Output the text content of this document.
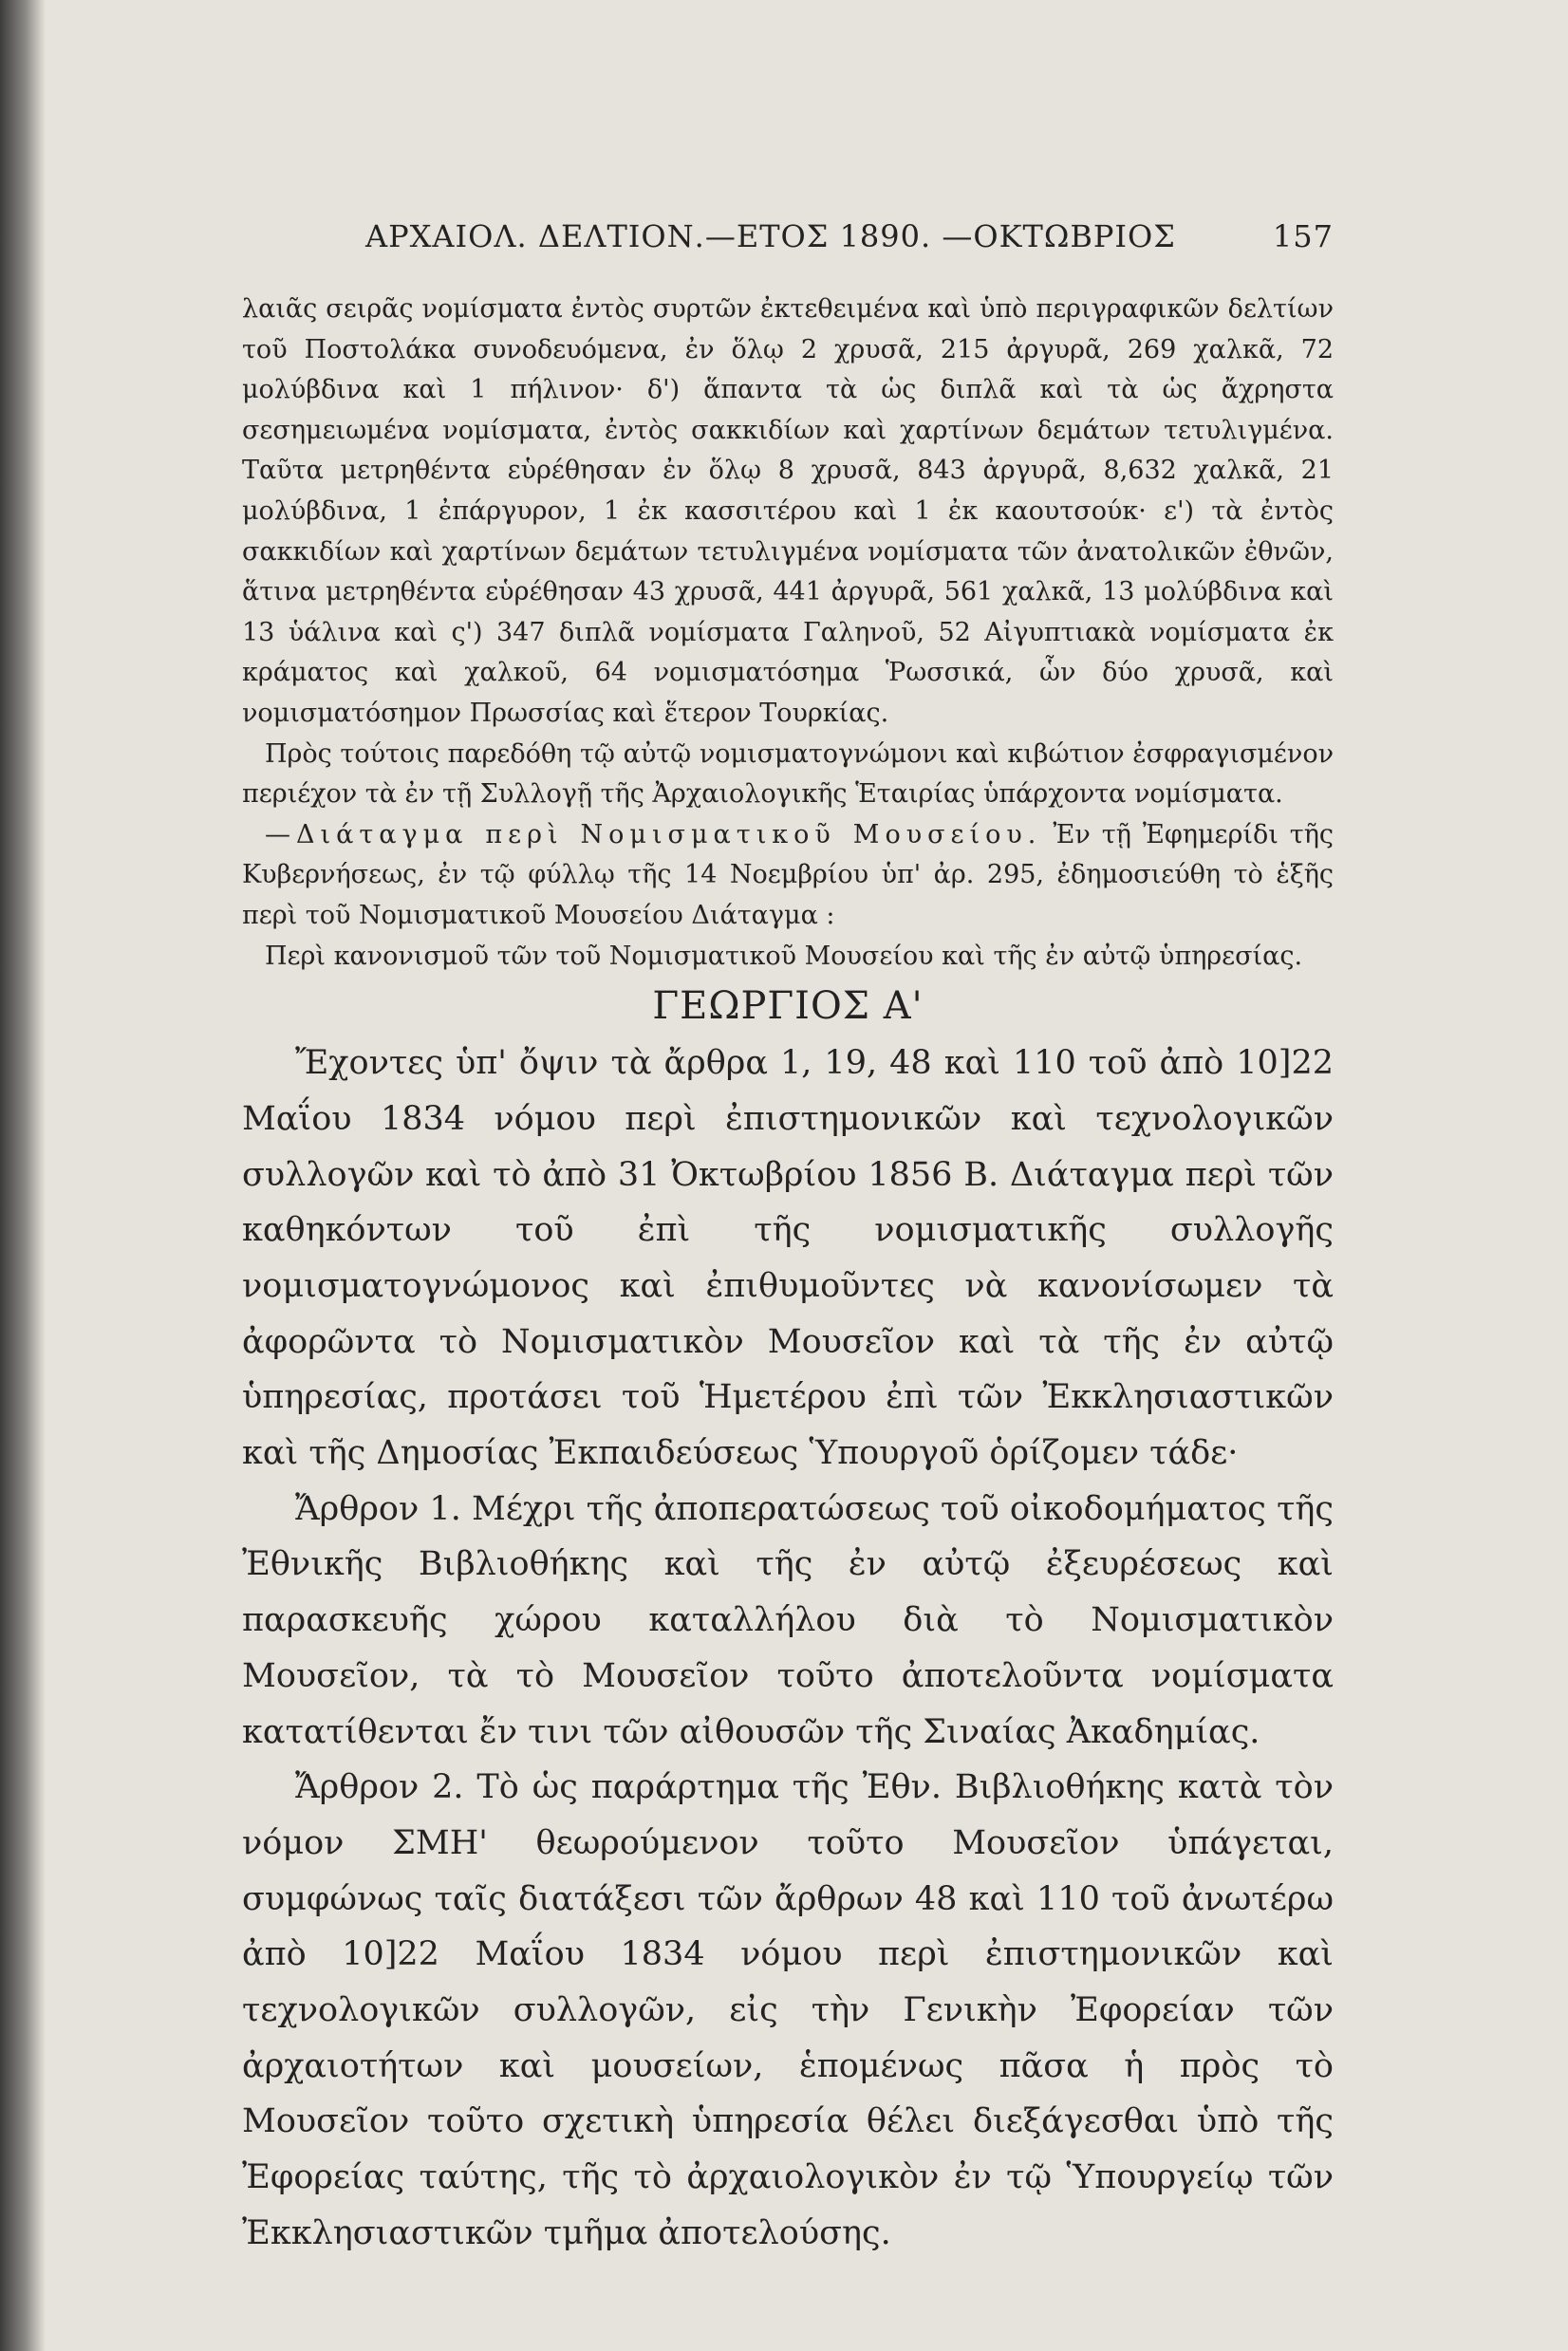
ΑΡΧΑΙΟΛ. ΔΕΛΤΙΟΝ.—ΕΤΟΣ 1890. —ΟΚΤΩΒΡΙΟΣ	157

λαιᾶς σειρᾶς νομίσματα ἐντὸς συρτῶν ἐκτεθειμένα καὶ ὑπὸ περιγραφικῶν δελτίων τοῦ Ποστολάκα συνοδευόμενα, ἐν ὅλῳ 2 χρυσᾶ, 215 ἀργυρᾶ, 269 χαλκᾶ, 72 μολύβδινα καὶ 1 πήλινον· δ') ἅπαντα τὰ ὡς διπλᾶ καὶ τὰ ὡς ἄχρηστα σεσημειωμένα νομίσματα, ἐντὸς σακκιδίων καὶ χαρτίνων δεμάτων τετυλιγμένα. Ταῦτα μετρηθέντα εὑρέθησαν ἐν ὅλῳ 8 χρυσᾶ, 843 ἀργυρᾶ, 8,632 χαλκᾶ, 21 μολύβδινα, 1 ἐπάργυρον, 1 ἐκ κασσιτέρου καὶ 1 ἐκ καουτσούκ· ε') τὰ ἐντὸς σακκιδίων καὶ χαρτίνων δεμάτων τετυλιγμένα νομίσματα τῶν ἀνατολικῶν ἐθνῶν, ἅτινα μετρηθέντα εὑρέθησαν 43 χρυσᾶ, 441 ἀργυρᾶ, 561 χαλκᾶ, 13 μολύβδινα καὶ 13 ὑάλινα καὶ ς') 347 διπλᾶ νομίσματα Γαληνοῦ, 52 Αἰγυπτιακὰ νομίσματα ἐκ κράματος καὶ χαλκοῦ, 64 νομισματόσημα Ῥωσσικά, ὧν δύο χρυσᾶ, καὶ νομισματόσημον Πρωσσίας καὶ ἕτερον Τουρκίας.

Πρὸς τούτοις παρεδόθη τῷ αὐτῷ νομισματογνώμονι καὶ κιβώτιον ἐσφραγισμένον περιέχον τὰ ἐν τῇ Συλλογῇ τῆς Ἀρχαιολογικῆς Ἑταιρίας ὑπάρχοντα νομίσματα.

—Διάταγμα περὶ Νομισματικοῦ Μουσείου. Ἐν τῇ Ἐφημερίδι τῆς Κυβερνήσεως, ἐν τῷ φύλλῳ τῆς 14 Νοεμβρίου ὑπ' ἀρ. 295, ἐδημοσιεύθη τὸ ἑξῆς περὶ τοῦ Νομισματικοῦ Μουσείου Διάταγμα :

Περὶ κανονισμοῦ τῶν τοῦ Νομισματικοῦ Μουσείου καὶ τῆς ἐν αὐτῷ ὑπηρεσίας.

ΓΕΩΡΓΙΟΣ Α'

Ἔχοντες ὑπ' ὄψιν τὰ ἄρθρα 1, 19, 48 καὶ 110 τοῦ ἀπὸ 10]22 Μαΐου 1834 νόμου περὶ ἐπιστημονικῶν καὶ τεχνολογικῶν συλλογῶν καὶ τὸ ἀπὸ 31 Ὀκτωβρίου 1856 Β. Διάταγμα περὶ τῶν καθηκόντων τοῦ ἐπὶ τῆς νομισματικῆς συλλογῆς νομισματογνώμονος καὶ ἐπιθυμοῦντες νὰ κανονίσωμεν τὰ ἀφορῶντα τὸ Νομισματικὸν Μουσεῖον καὶ τὰ τῆς ἐν αὐτῷ ὑπηρεσίας, προτάσει τοῦ Ἡμετέρου ἐπὶ τῶν Ἐκκλησιαστικῶν καὶ τῆς Δημοσίας Ἐκπαιδεύσεως Ὑπουργοῦ ὁρίζομεν τάδε·

Ἄρθρον 1. Μέχρι τῆς ἀποπερατώσεως τοῦ οἰκοδομήματος τῆς Ἐθνικῆς Βιβλιοθήκης καὶ τῆς ἐν αὐτῷ ἐξευρέσεως καὶ παρασκευῆς χώρου καταλλήλου διὰ τὸ Νομισματικὸν Μουσεῖον, τὰ τὸ Μουσεῖον τοῦτο ἀποτελοῦντα νομίσματα κατατίθενται ἔν τινι τῶν αἰθουσῶν τῆς Σιναίας Ἀκαδημίας.

Ἄρθρον 2. Τὸ ὡς παράρτημα τῆς Ἐθν. Βιβλιοθήκης κατὰ τὸν νόμον ΣΜΗ' θεωρούμενον τοῦτο Μουσεῖον ὑπάγεται, συμφώνως ταῖς διατάξεσι τῶν ἄρθρων 48 καὶ 110 τοῦ ἀνωτέρω ἀπὸ 10]22 Μαΐου 1834 νόμου περὶ ἐπιστημονικῶν καὶ τεχνολογικῶν συλλογῶν, εἰς τὴν Γενικὴν Ἐφορείαν τῶν ἀρχαιοτήτων καὶ μουσείων, ἑπομένως πᾶσα ἡ πρὸς τὸ Μουσεῖον τοῦτο σχετικὴ ὑπηρεσία θέλει διεξάγεσθαι ὑπὸ τῆς Ἐφορείας ταύτης, τῆς τὸ ἀρχαιολογικὸν ἐν τῷ Ὑπουργείῳ τῶν Ἐκκλησιαστικῶν τμῆμα ἀποτελούσης.
